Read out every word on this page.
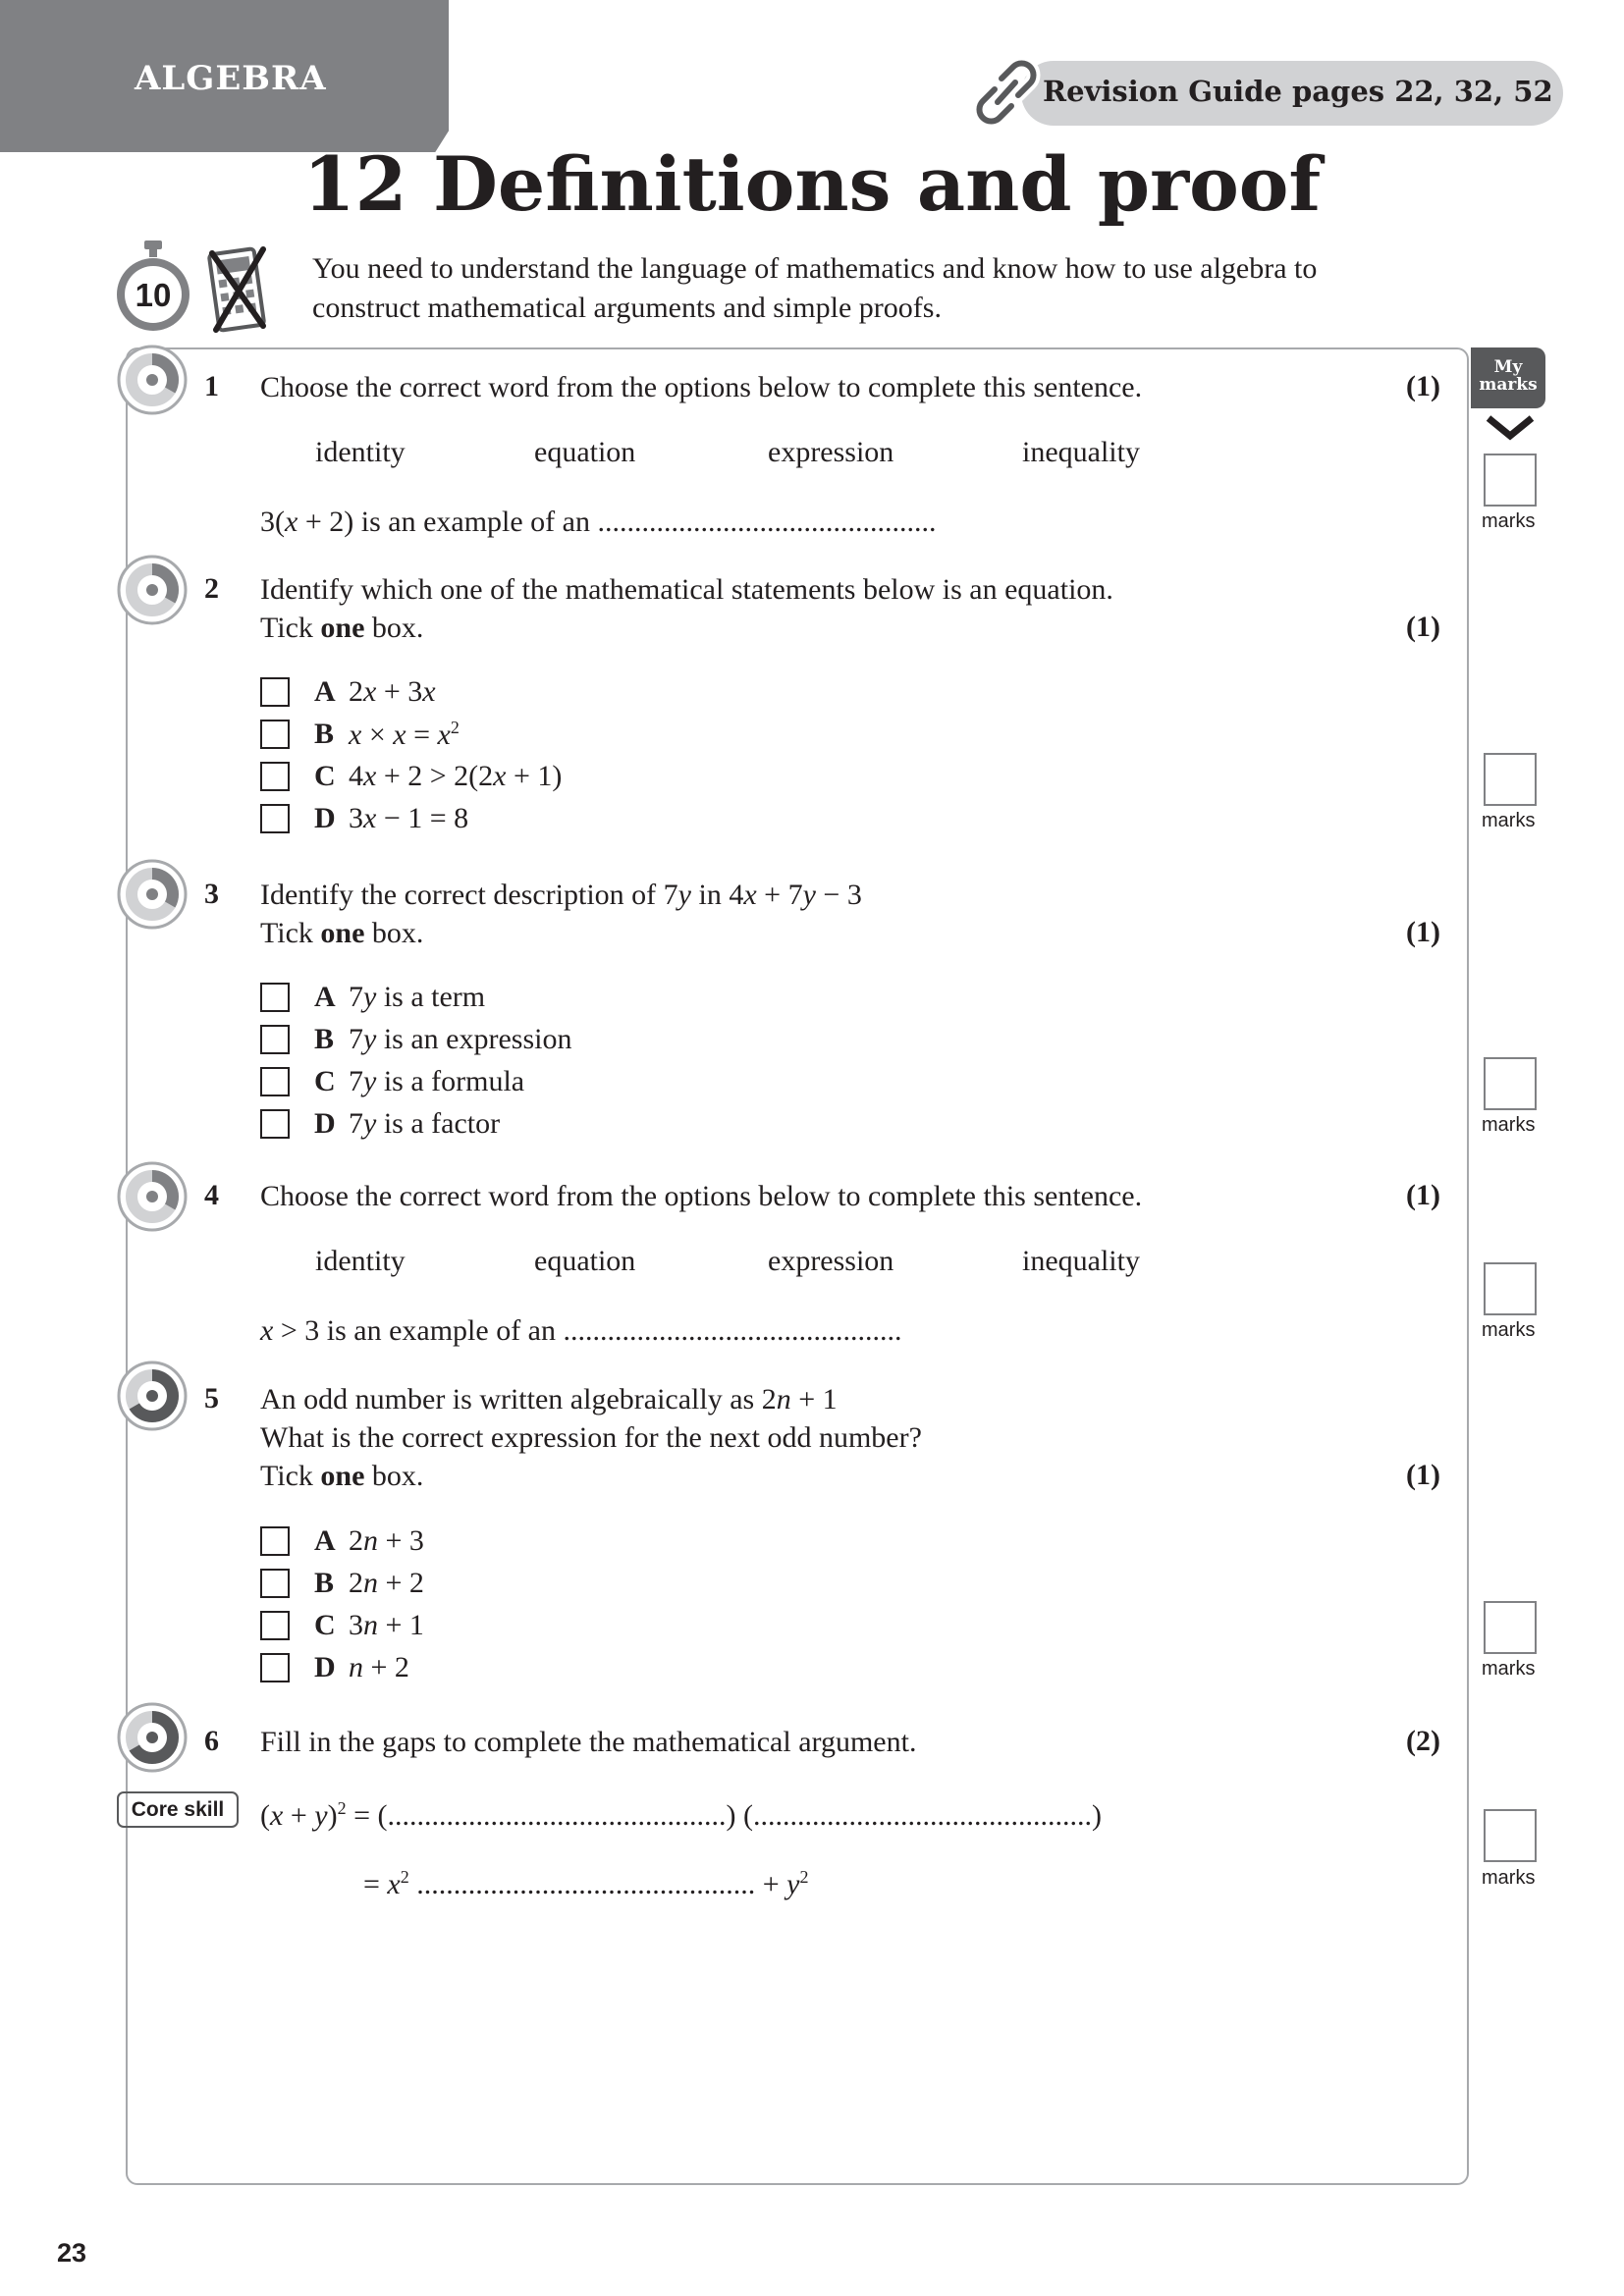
ALGEBRA	Revision Guide pages 22, 32, 52
12 Definitions and proof
10
You need to understand the language of mathematics and know how to use algebra to
construct mathematical arguments and simple proofs.
My marks
1 Choose the correct word from the options below to complete this sentence.	(1)
identity	equation	expression	inequality
3(x + 2) is an example of an ..............................................	marks
2 Identify which one of the mathematical statements below is an equation.
Tick one box.	(1)
A 2x + 3x
B $x \times x = x^2$
C 4x + 2 > 2(2x + 1)
D 3x − 1 = 8	marks
3 Identify the correct description of 7y in 4x + 7y − 3
Tick one box.	(1)
A 7y is a term
B 7y is an expression
C 7y is a formula
D 7y is a factor	marks
4 Choose the correct word from the options below to complete this sentence.	(1)
identity	equation	expression	inequality
x > 3 is an example of an ..............................................	marks
5 An odd number is written algebraically as 2n + 1
What is the correct expression for the next odd number?
Tick one box.	(1)
A 2n + 3
B 2n + 2
C 3n + 1
D n + 2	marks
6 Fill in the gaps to complete the mathematical argument.	(2)
Core skill	$(x + y)^2$ = (..............................................) (..............................................)
= $x^2$ .............................................. + $y^2$	marks
23
